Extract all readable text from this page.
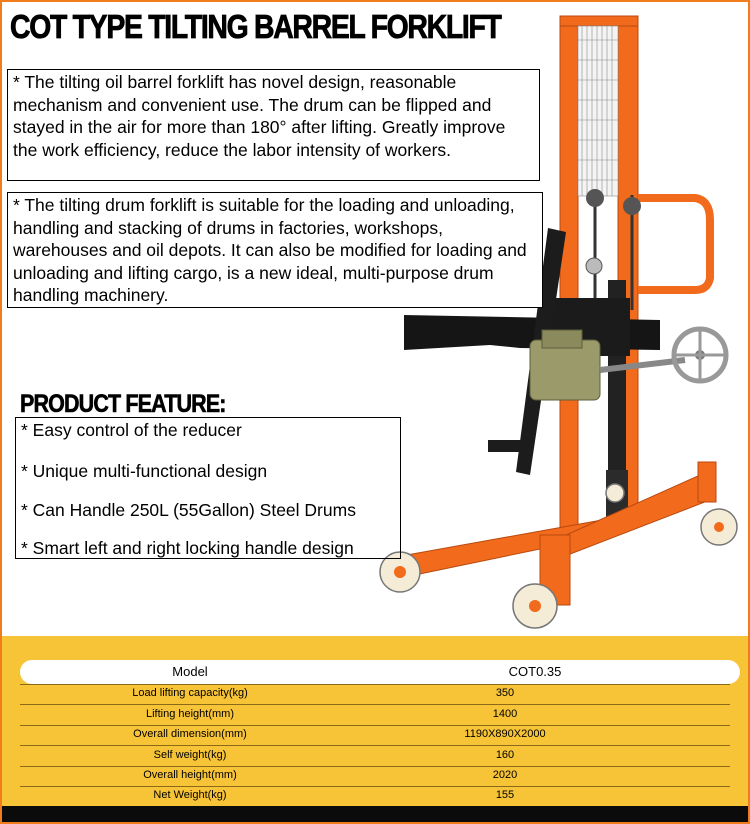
COT TYPE TILTING BARREL FORKLIFT
* The tilting oil barrel forklift has novel design, reasonable mechanism and convenient use. The drum can be flipped and stayed in the air for more than 180° after lifting. Greatly improve the work efficiency, reduce the labor intensity of workers.
* The tilting drum forklift is suitable for the loading and unloading, handling and stacking of drums in factories, workshops, warehouses and oil depots. It can also be modified for loading and unloading and lifting cargo, is a new ideal, multi-purpose drum handling machinery.
PRODUCT FEATURE:
* Easy control of the reducer
* Unique multi-functional design
* Can Handle 250L (55Gallon) Steel Drums
* Smart left and right locking handle design
Model	COT0.35
Load lifting capacity(kg)	350
Lifting height(mm)	1400
Overall dimension(mm)	1190X890X2000
Self weight(kg)	160
Overall height(mm)	2020
Net Weight(kg)	155
